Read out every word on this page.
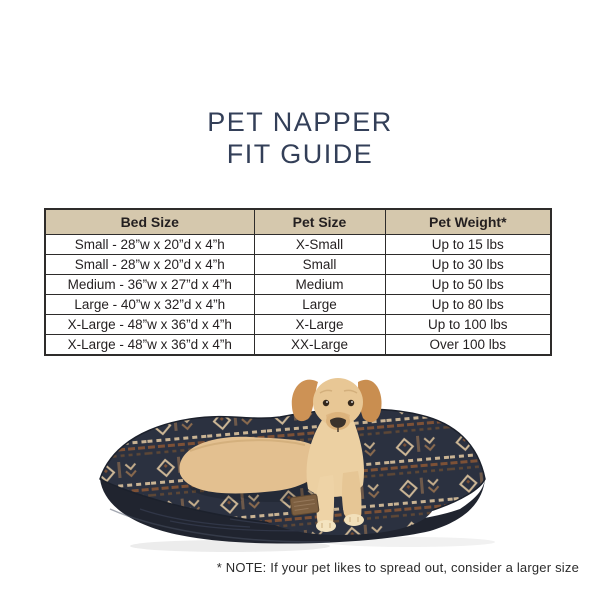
PET NAPPER
FIT GUIDE
Bed Size	Pet Size	Pet Weight*
Small - 28”w x 20”d x 4”h	X-Small	Up to 15 lbs
Small - 28”w x 20”d x 4”h	Small	Up to 30 lbs
Medium - 36”w x 27”d x 4”h	Medium	Up to 50 lbs
Large - 40”w x 32”d x 4”h	Large	Up to 80 lbs
X-Large - 48”w x 36”d x 4”h	X-Large	Up to 100 lbs
X-Large - 48”w x 36”d x 4”h	XX-Large	Over 100 lbs
* NOTE: If your pet likes to spread out, consider a larger size
